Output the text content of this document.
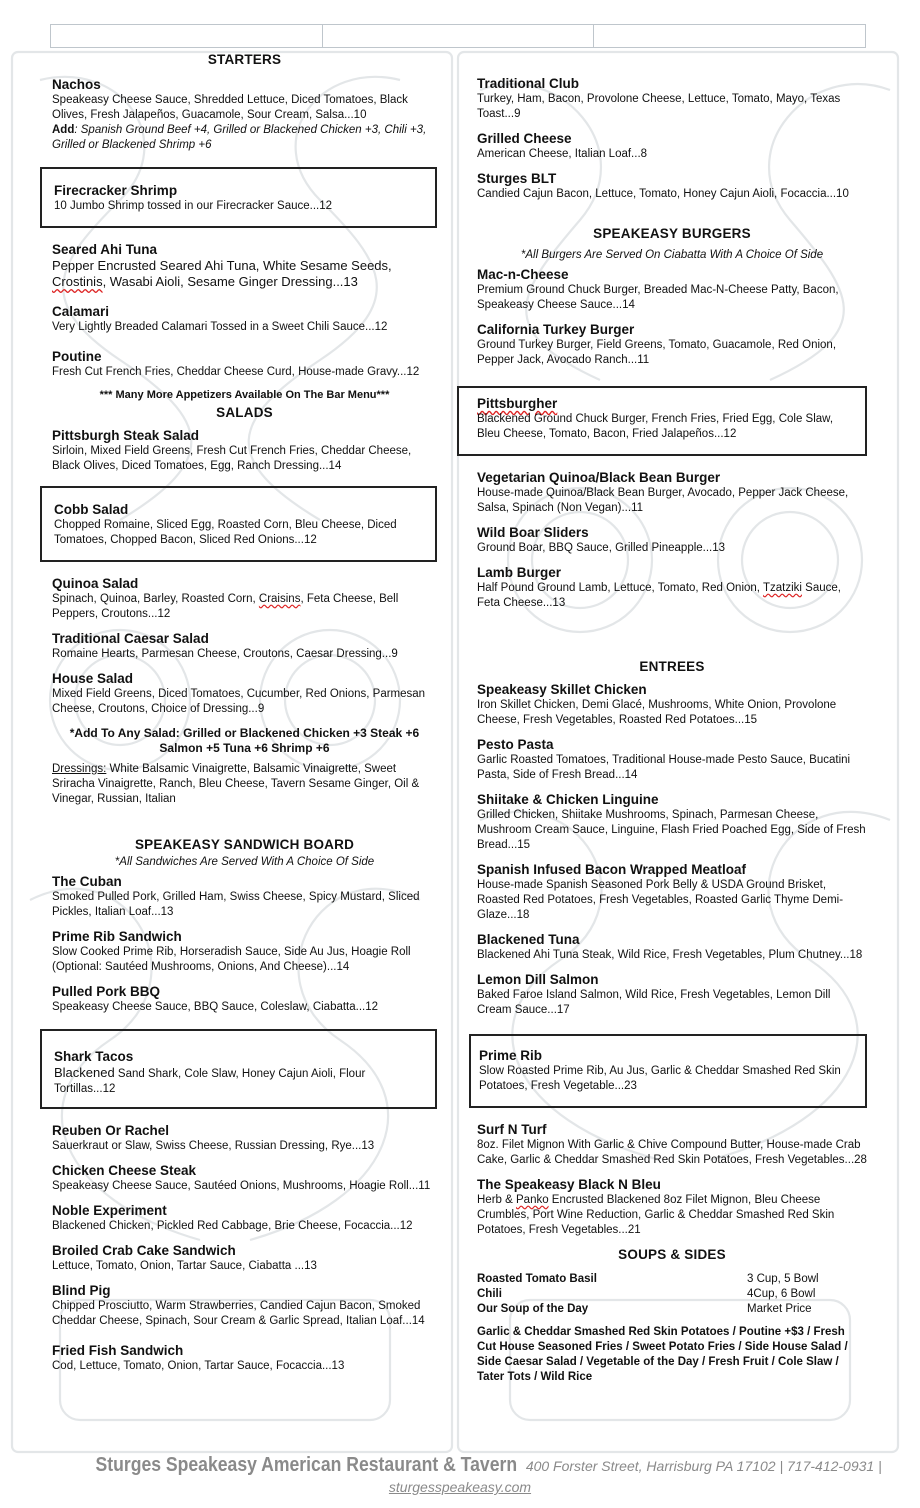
STARTERS
Nachos

Speakeasy Cheese Sauce, Shredded Lettuce, Diced Tomatoes, Black Olives, Fresh Jalapeños, Guacamole, Sour Cream, Salsa...10
Add: Spanish Ground Beef +4, Grilled or Blackened Chicken +3, Chili +3, Grilled or Blackened Shrimp +6

Firecracker Shrimp

10 Jumbo Shrimp tossed in our Firecracker Sauce...12

Seared Ahi Tuna

Pepper Encrusted Seared Ahi Tuna, White Sesame Seeds,
Crostinis, Wasabi Aioli, Sesame Ginger Dressing...13

Calamari

Very Lightly Breaded Calamari Tossed in a Sweet Chili Sauce...12

Poutine

Fresh Cut French Fries, Cheddar Cheese Curd, House-made Gravy...12

*** Many More Appetizers Available On The Bar Menu***
SALADS
Pittsburgh Steak Salad

Sirloin, Mixed Field Greens, Fresh Cut French Fries, Cheddar Cheese, Black Olives, Diced Tomatoes, Egg, Ranch Dressing...14

Cobb Salad

Chopped Romaine, Sliced Egg, Roasted Corn, Bleu Cheese, Diced Tomatoes, Chopped Bacon, Sliced Red Onions...12

Quinoa Salad

Spinach, Quinoa, Barley, Roasted Corn, Craisins, Feta Cheese, Bell Peppers, Croutons...12

Traditional Caesar Salad

Romaine Hearts, Parmesan Cheese, Croutons, Caesar Dressing...9

House Salad

Mixed Field Greens, Diced Tomatoes, Cucumber, Red Onions, Parmesan Cheese, Croutons, Choice of Dressing...9

*Add To Any Salad: Grilled or Blackened Chicken +3 Steak +6
Salmon +5 Tuna +6 Shrimp +6

Dressings: White Balsamic Vinaigrette, Balsamic Vinaigrette, Sweet Sriracha Vinaigrette, Ranch, Bleu Cheese, Tavern Sesame Ginger, Oil & Vinegar, Russian, Italian

SPEAKEASY SANDWICH BOARD
*All Sandwiches Are Served With A Choice Of Side
The Cuban

Smoked Pulled Pork, Grilled Ham, Swiss Cheese, Spicy Mustard, Sliced Pickles, Italian Loaf...13

Prime Rib Sandwich

Slow Cooked Prime Rib, Horseradish Sauce, Side Au Jus, Hoagie Roll (Optional: Sautéed Mushrooms, Onions, And Cheese)...14

Pulled Pork BBQ

Speakeasy Cheese Sauce, BBQ Sauce, Coleslaw, Ciabatta...12

Shark Tacos

Blackened Sand Shark, Cole Slaw, Honey Cajun Aioli, Flour Tortillas...12

Reuben Or Rachel

Sauerkraut or Slaw, Swiss Cheese, Russian Dressing, Rye...13

Chicken Cheese Steak

Speakeasy Cheese Sauce, Sautéed Onions, Mushrooms, Hoagie Roll...11

Noble Experiment

Blackened Chicken, Pickled Red Cabbage, Brie Cheese, Focaccia...12

Broiled Crab Cake Sandwich

Lettuce, Tomato, Onion, Tartar Sauce, Ciabatta ...13

Blind Pig

Chipped Prosciutto, Warm Strawberries, Candied Cajun Bacon, Smoked Cheddar Cheese, Spinach, Sour Cream & Garlic Spread, Italian Loaf...14

Fried Fish Sandwich

Cod, Lettuce, Tomato, Onion, Tartar Sauce, Focaccia...13

Traditional Club

Turkey, Ham, Bacon, Provolone Cheese, Lettuce, Tomato, Mayo, Texas Toast...9

Grilled Cheese

American Cheese, Italian Loaf...8

Sturges BLT

Candied Cajun Bacon, Lettuce, Tomato, Honey Cajun Aioli, Focaccia...10

SPEAKEASY BURGERS
*All Burgers Are Served On Ciabatta With A Choice Of Side
Mac-n-Cheese

Premium Ground Chuck Burger, Breaded Mac-N-Cheese Patty, Bacon, Speakeasy Cheese Sauce...14

California Turkey Burger

Ground Turkey Burger, Field Greens, Tomato, Guacamole, Red Onion, Pepper Jack, Avocado Ranch...11

Pittsburgher

Blackened Ground Chuck Burger, French Fries, Fried Egg, Cole Slaw, Bleu Cheese, Tomato, Bacon, Fried Jalapeños...12

Vegetarian Quinoa/Black Bean Burger

House-made Quinoa/Black Bean Burger, Avocado, Pepper Jack Cheese, Salsa, Spinach (Non Vegan)...11

Wild Boar Sliders

Ground Boar, BBQ Sauce, Grilled Pineapple...13

Lamb Burger

Half Pound Ground Lamb, Lettuce, Tomato, Red Onion, Tzatziki Sauce, Feta Cheese...13

ENTREES
Speakeasy Skillet Chicken

Iron Skillet Chicken, Demi Glacé, Mushrooms, White Onion, Provolone Cheese, Fresh Vegetables, Roasted Red Potatoes...15

Pesto Pasta

Garlic Roasted Tomatoes, Traditional House-made Pesto Sauce, Bucatini Pasta, Side of Fresh Bread...14

Shiitake & Chicken Linguine

Grilled Chicken, Shiitake Mushrooms, Spinach, Parmesan Cheese, Mushroom Cream Sauce, Linguine, Flash Fried Poached Egg, Side of Fresh Bread...15

Spanish Infused Bacon Wrapped Meatloaf

House-made Spanish Seasoned Pork Belly & USDA Ground Brisket, Roasted Red Potatoes, Fresh Vegetables, Roasted Garlic Thyme Demi-Glaze...18

Blackened Tuna

Blackened Ahi Tuna Steak, Wild Rice, Fresh Vegetables, Plum Chutney...18

Lemon Dill Salmon

Baked Faroe Island Salmon, Wild Rice, Fresh Vegetables, Lemon Dill Cream Sauce...17

Prime Rib

Slow Roasted Prime Rib, Au Jus, Garlic & Cheddar Smashed Red Skin Potatoes, Fresh Vegetable...23

Surf N Turf

8oz. Filet Mignon With Garlic & Chive Compound Butter, House-made Crab Cake, Garlic & Cheddar Smashed Red Skin Potatoes, Fresh Vegetables...28

The Speakeasy Black N Bleu

Herb & Panko Encrusted Blackened 8oz Filet Mignon, Bleu Cheese Crumbles, Port Wine Reduction, Garlic & Cheddar Smashed Red Skin Potatoes, Fresh Vegetables...21

SOUPS & SIDES
Roasted Tomato Basil	3 Cup, 5 Bowl
Chili	4Cup, 6 Bowl
Our Soup of the Day	Market Price
Garlic & Cheddar Smashed Red Skin Potatoes / Poutine +$3 / Fresh Cut House Seasoned Fries / Sweet Potato Fries / Side House Salad / Side Caesar Salad / Vegetable of the Day / Fresh Fruit / Cole Slaw / Tater Tots / Wild Rice
Sturges Speakeasy American Restaurant & Tavern 400 Forster Street, Harrisburg PA 17102 | 717-412-0931 |
sturgesspeakeasy.com
